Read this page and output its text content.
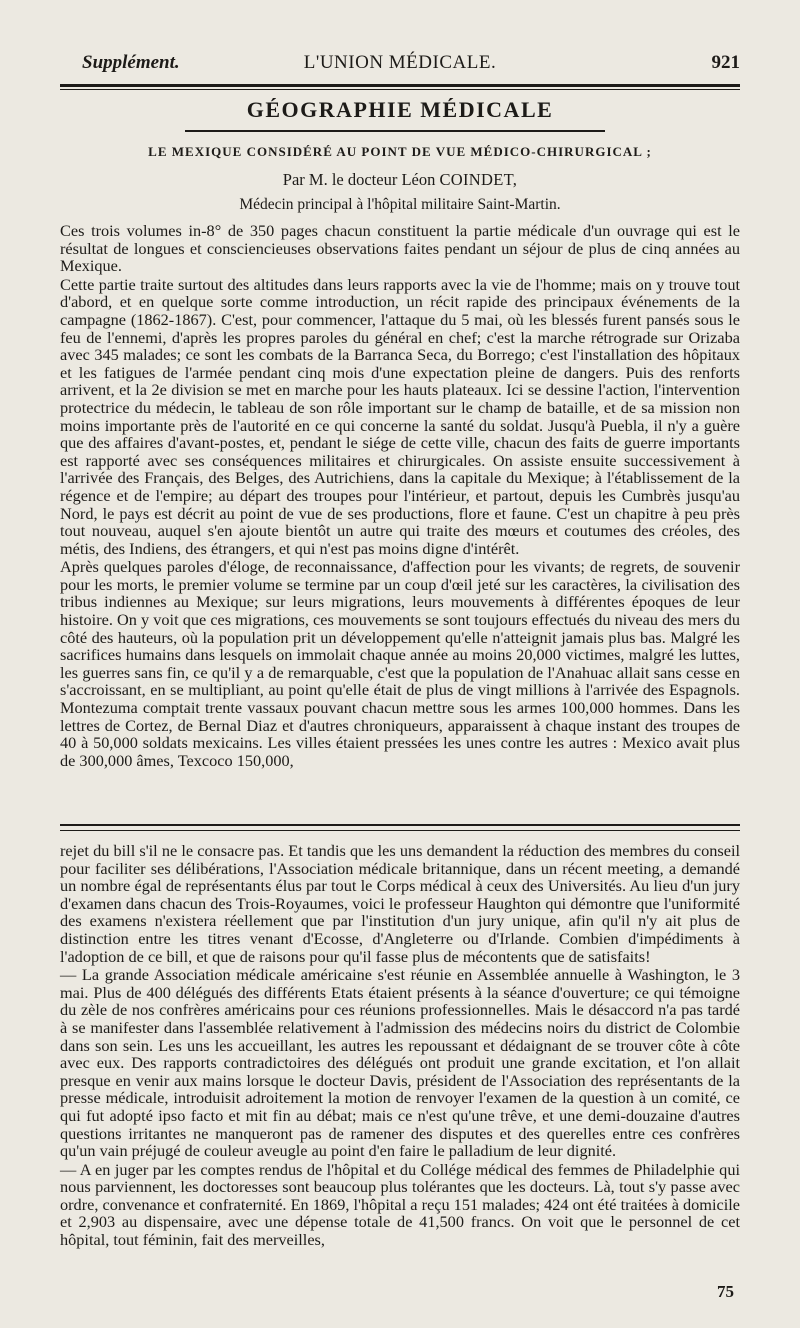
Supplément.	L'UNION MÉDICALE.	921
GÉOGRAPHIE MÉDICALE
LE MEXIQUE CONSIDÉRÉ AU POINT DE VUE MÉDICO-CHIRURGICAL ;
Par M. le docteur Léon COINDET,
Médecin principal à l'hôpital militaire Saint-Martin.

Ces trois volumes in-8° de 350 pages chacun constituent la partie médicale d'un ouvrage qui est le résultat de longues et consciencieuses observations faites pendant un séjour de plus de cinq années au Mexique.

Cette partie traite surtout des altitudes dans leurs rapports avec la vie de l'homme; mais on y trouve tout d'abord, et en quelque sorte comme introduction, un récit rapide des principaux événements de la campagne (1862-1867). C'est, pour commencer, l'attaque du 5 mai, où les blessés furent pansés sous le feu de l'ennemi, d'après les propres paroles du général en chef; c'est la marche rétrograde sur Orizaba avec 345 malades; ce sont les combats de la Barranca Seca, du Borrego; c'est l'installation des hôpitaux et les fatigues de l'armée pendant cinq mois d'une expectation pleine de dangers. Puis des renforts arrivent, et la 2e division se met en marche pour les hauts plateaux. Ici se dessine l'action, l'intervention protectrice du médecin, le tableau de son rôle important sur le champ de bataille, et de sa mission non moins importante près de l'autorité en ce qui concerne la santé du soldat. Jusqu'à Puebla, il n'y a guère que des affaires d'avant-postes, et, pendant le siége de cette ville, chacun des faits de guerre importants est rapporté avec ses conséquences militaires et chirurgicales. On assiste ensuite successivement à l'arrivée des Français, des Belges, des Autrichiens, dans la capitale du Mexique; à l'établissement de la régence et de l'empire; au départ des troupes pour l'intérieur, et partout, depuis les Cumbrès jusqu'au Nord, le pays est décrit au point de vue de ses productions, flore et faune. C'est un chapitre à peu près tout nouveau, auquel s'en ajoute bientôt un autre qui traite des mœurs et coutumes des créoles, des métis, des Indiens, des étrangers, et qui n'est pas moins digne d'intérêt.

Après quelques paroles d'éloge, de reconnaissance, d'affection pour les vivants; de regrets, de souvenir pour les morts, le premier volume se termine par un coup d'œil jeté sur les caractères, la civilisation des tribus indiennes au Mexique; sur leurs migrations, leurs mouvements à différentes époques de leur histoire. On y voit que ces migrations, ces mouvements se sont toujours effectués du niveau des mers du côté des hauteurs, où la population prit un développement qu'elle n'atteignit jamais plus bas. Malgré les sacrifices humains dans lesquels on immolait chaque année au moins 20,000 victimes, malgré les luttes, les guerres sans fin, ce qu'il y a de remarquable, c'est que la population de l'Anahuac allait sans cesse en s'accroissant, en se multipliant, au point qu'elle était de plus de vingt millions à l'arrivée des Espagnols. Montezuma comptait trente vassaux pouvant chacun mettre sous les armes 100,000 hommes. Dans les lettres de Cortez, de Bernal Diaz et d'autres chroniqueurs, apparaissent à chaque instant des troupes de 40 à 50,000 soldats mexicains. Les villes étaient pressées les unes contre les autres : Mexico avait plus de 300,000 âmes, Texcoco 150,000,

rejet du bill s'il ne le consacre pas. Et tandis que les uns demandent la réduction des membres du conseil pour faciliter ses délibérations, l'Association médicale britannique, dans un récent meeting, a demandé un nombre égal de représentants élus par tout le Corps médical à ceux des Universités. Au lieu d'un jury d'examen dans chacun des Trois-Royaumes, voici le professeur Haughton qui démontre que l'uniformité des examens n'existera réellement que par l'institution d'un jury unique, afin qu'il n'y ait plus de distinction entre les titres venant d'Ecosse, d'Angleterre ou d'Irlande. Combien d'impédiments à l'adoption de ce bill, et que de raisons pour qu'il fasse plus de mécontents que de satisfaits!

— La grande Association médicale américaine s'est réunie en Assemblée annuelle à Washington, le 3 mai. Plus de 400 délégués des différents Etats étaient présents à la séance d'ouverture; ce qui témoigne du zèle de nos confrères américains pour ces réunions professionnelles. Mais le désaccord n'a pas tardé à se manifester dans l'assemblée relativement à l'admission des médecins noirs du district de Colombie dans son sein. Les uns les accueillant, les autres les repoussant et dédaignant de se trouver côte à côte avec eux. Des rapports contradictoires des délégués ont produit une grande excitation, et l'on allait presque en venir aux mains lorsque le docteur Davis, président de l'Association des représentants de la presse médicale, introduisit adroitement la motion de renvoyer l'examen de la question à un comité, ce qui fut adopté ipso facto et mit fin au débat; mais ce n'est qu'une trêve, et une demi-douzaine d'autres questions irritantes ne manqueront pas de ramener des disputes et des querelles entre ces confrères qu'un vain préjugé de couleur aveugle au point d'en faire le palladium de leur dignité.

— A en juger par les comptes rendus de l'hôpital et du Collége médical des femmes de Philadelphie qui nous parviennent, les doctoresses sont beaucoup plus tolérantes que les docteurs. Là, tout s'y passe avec ordre, convenance et confraternité. En 1869, l'hôpital a reçu 151 malades; 424 ont été traitées à domicile et 2,903 au dispensaire, avec une dépense totale de 41,500 francs. On voit que le personnel de cet hôpital, tout féminin, fait des merveilles,

75
